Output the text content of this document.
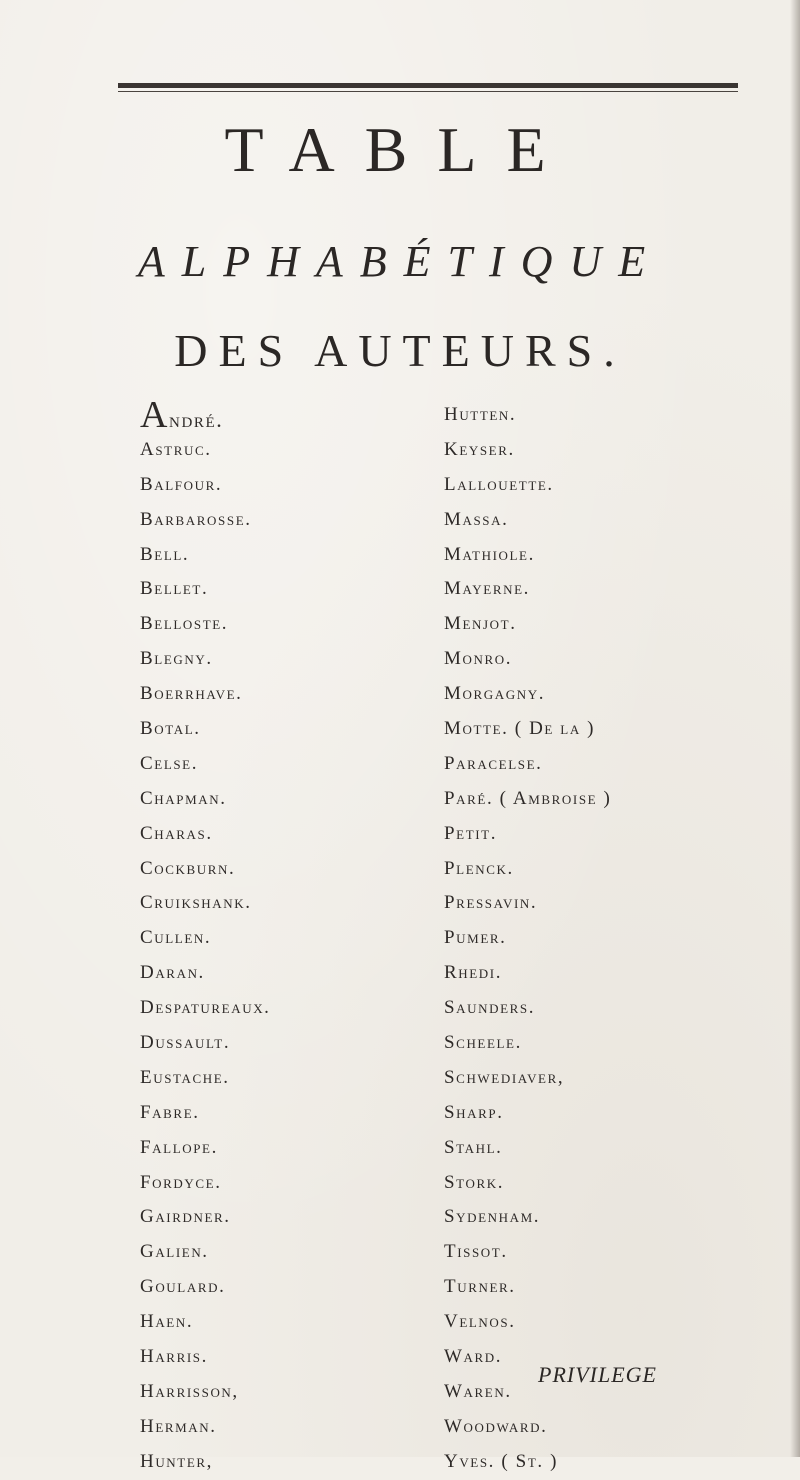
TABLE
ALPHABÉTIQUE
DES AUTEURS.
André.
Astruc.
Balfour.
Barbarosse.
Bell.
Bellet.
Belloste.
Blegny.
Boerrhave.
Botal.
Celse.
Chapman.
Charas.
Cockburn.
Cruikshank.
Cullen.
Daran.
Despatureaux.
Dussault.
Eustache.
Fabre.
Fallope.
Fordyce.
Gairdner.
Galien.
Goulard.
Haen.
Harris.
Harrisson,
Herman.
Hunter,
Hutten.
Keyser.
Lallouette.
Massa.
Mathiole.
Mayerne.
Menjot.
Monro.
Morgagny.
Motte. ( De la )
Paracelse.
Paré. ( Ambroise )
Petit.
Plenck.
Pressavin.
Pumer.
Rhedi.
Saunders.
Scheele.
Schwediaver,
Sharp.
Stahl.
Stork.
Sydenham.
Tissot.
Turner.
Velnos.
Ward.
Waren.
Woodward.
Yves. ( St. )
PRIVILEGE
